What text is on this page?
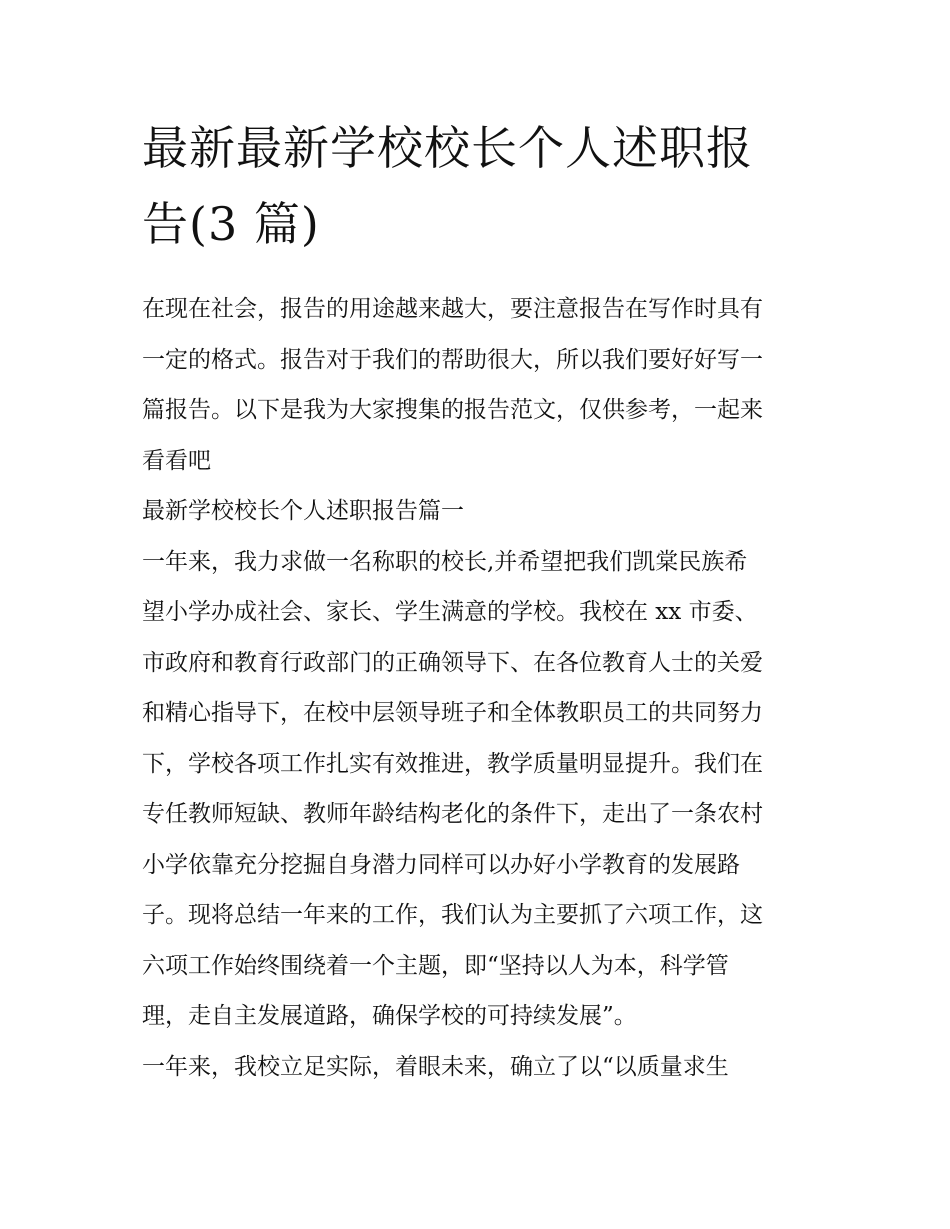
最新最新学校校长个人述职报
告(3 篇)
在现在社会，报告的用途越来越大，要注意报告在写作时具有
一定的格式。报告对于我们的帮助很大，所以我们要好好写一
篇报告。以下是我为大家搜集的报告范文，仅供参考，一起来
看看吧
最新学校校长个人述职报告篇一
一年来，我力求做一名称职的校长,并希望把我们凯棠民族希
望小学办成社会、家长、学生满意的学校。我校在 xx 市委、
市政府和教育行政部门的正确领导下、在各位教育人士的关爱
和精心指导下，在校中层领导班子和全体教职员工的共同努力
下，学校各项工作扎实有效推进，教学质量明显提升。我们在
专任教师短缺、教师年龄结构老化的条件下，走出了一条农村
小学依靠充分挖掘自身潜力同样可以办好小学教育的发展路
子。现将总结一年来的工作，我们认为主要抓了六项工作，这
六项工作始终围绕着一个主题，即“坚持以人为本，科学管
理，走自主发展道路，确保学校的可持续发展”。
一年来，我校立足实际，着眼未来，确立了以“以质量求生
